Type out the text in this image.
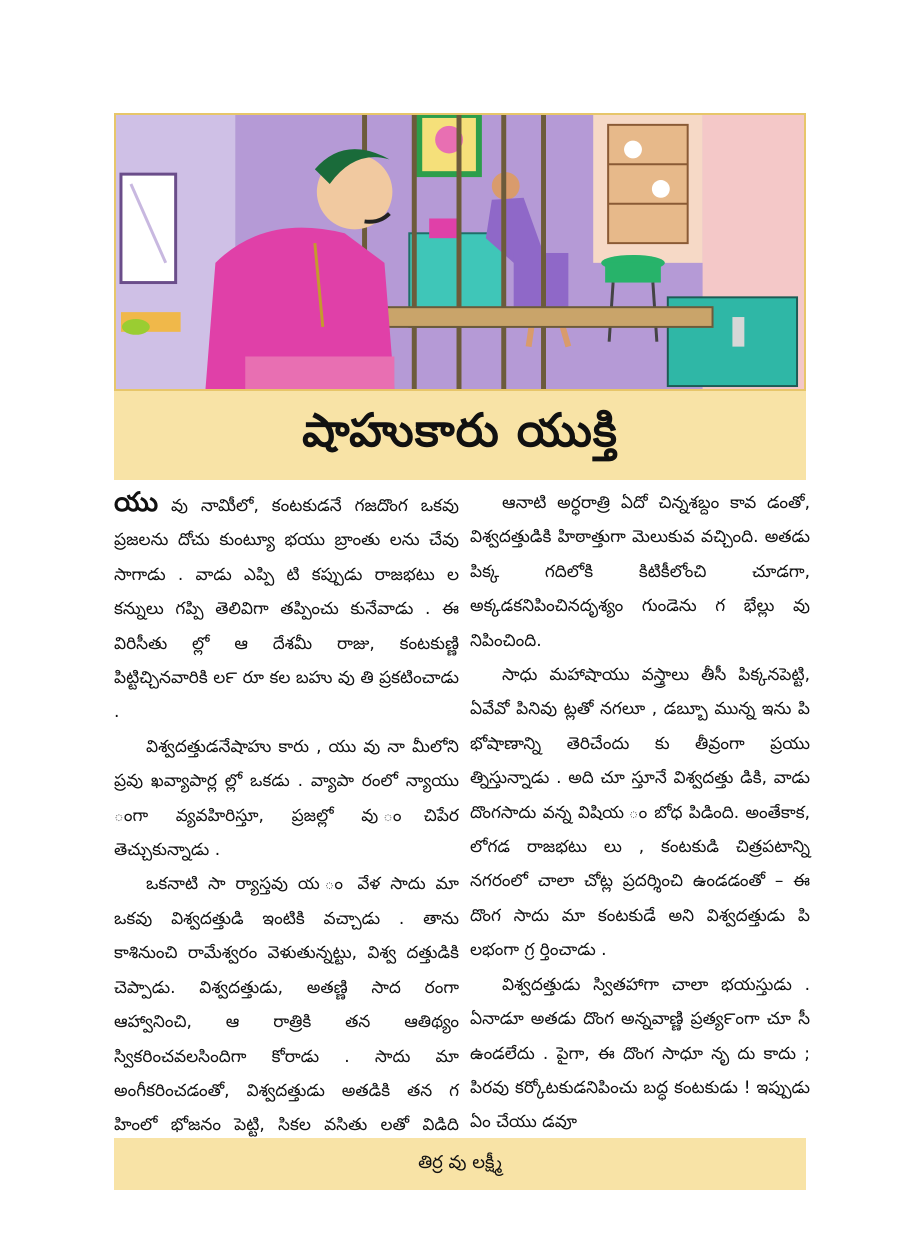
షాహుకారు యుక్తి

యు వు నామిీలో, కంటకుడనే గజదొంగ ఒకవు ప్రజలను దోచు కుంట్యూ భయు బ్రాంతు లను చేవు సాగాడు . వాడు ఎప్పి టి కప్పుడు రాజభటు ల కన్నులు గప్పి తెలివిగా తప్పించు కునేవాడు . ఈ విరిసీతు ల్లో ఆ దేశమీ రాజు, కంటకుణ్ణి పిట్టిచ్చినవారికి ల౯ రూ కల బహు వు తి ప్రకటించాడు .

విశ్వదత్తుడనేషాహు కారు , యు వు నా మీలోని ప్రవు ఖవ్యాపార్ల ల్లో ఒకడు . వ్యాపా రంలో న్యాయు ంగా వ్యవహిరిస్తూ, ప్రజల్లో వు ంచిపేర తెచ్చుకున్నాడు .

ఒకనాటి సా ర్యాస్తవు య ం వేళ సాదు మా ఒకవు విశ్వదత్తుడి ఇంటికి వచ్చాడు . తాను కాశినుంచి రామేశ్వరం వెళుతున్నట్టు, విశ్వ దత్తుడికి చెప్పాడు. విశ్వదత్తుడు, అతణ్ణి సాద రంగా ఆహ్వానించి, ఆ రాత్రికి తన ఆతిథ్యం స్వికరించవలసిందిగా కోరాడు . సాదు మా అంగీకరించడంతో, విశ్వదత్తుడు అతడికి తన గ హింలో భోజనం పెట్టి, సికల వసితు లతో విడిది

ఆనాటి అర్ధరాత్రి ఏదో చిన్నశబ్దం కావ డంతో, విశ్వదత్తుడికి హిఠాత్తుగా మెలుకువ వచ్చింది. అతడు పిక్క గదిలోకి కిటికీలోంచి చూడగా, అక్కడకనిపించినదృశ్యం గుండెను గ భేల్లు వు నిపించింది.

సాధు మహాషాయు వస్త్రాలు తీసీ పిక్కనపెట్టి, ఏవేవో పినివు ట్లతో నగలూ , డబ్బూ మున్న ఇను పి భోషాణాన్ని తెరిచేందు కు తీవ్రంగా ప్రయు త్నిస్తున్నాడు . అది చూ స్తూనే విశ్వదత్తు డికి, వాడు దొంగసాదు వన్న విషియ ం బోధ పిడింది. అంతేకాక, లోగడ రాజభటు లు , కంటకుడి చిత్రపటాన్ని నగరంలో చాలా చోట్ల ప్రదర్శించి ఉండడంతో – ఈ దొంగ సాదు మా కంటకుడే అని విశ్వదత్తుడు పి లభంగా గ్ర ర్తించాడు .

విశ్వదత్తుడు స్వితహాగా చాలా భయస్తుడు . ఏనాడూ అతడు దొంగ అన్నవాణ్ణి ప్రత్య౯ంగా చూ సీ ఉండలేదు . పైగా, ఈ దొంగ సాధూ నృ దు కాదు ; పిరవు కర్కోటకుడనిపించు బద్ధ కంటకుడు ! ఇప్పుడు ఏం చేయు డవూ

తిర్ర వు లక్ష్మీ
